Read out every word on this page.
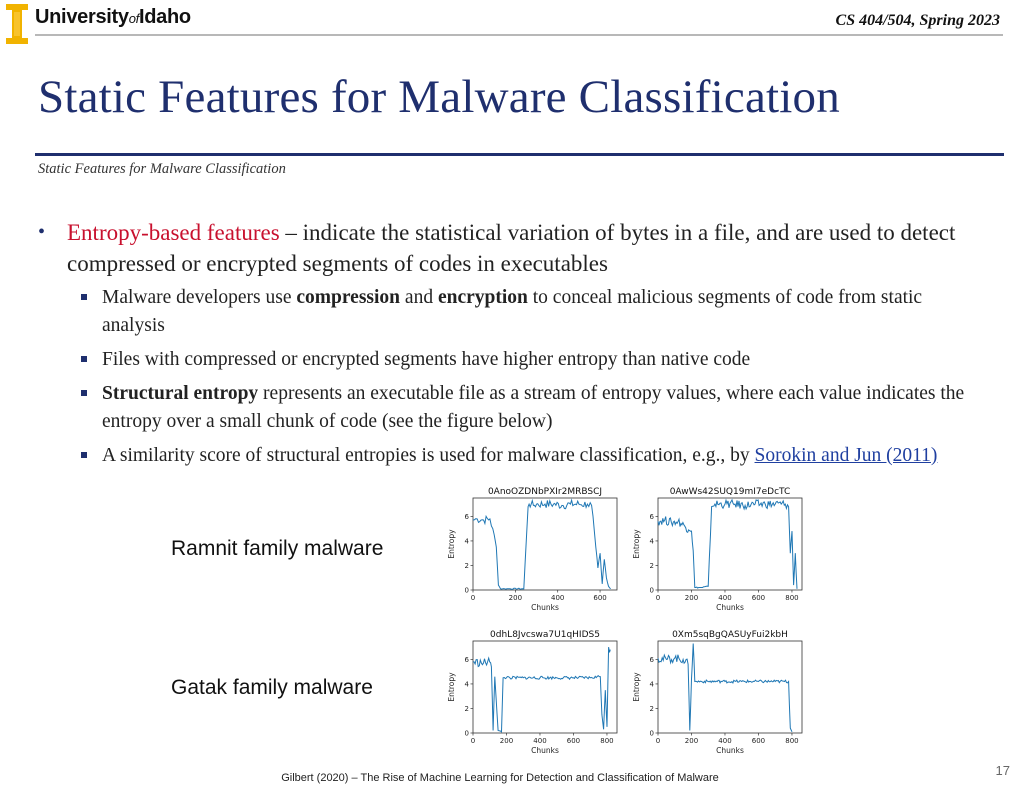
UniversityofIdaho	CS 404/504, Spring 2023
Static Features for Malware Classification
Static Features for Malware Classification
• Entropy-based features – indicate the statistical variation of bytes in a file, and are used to detect compressed or encrypted segments of codes in executables
Malware developers use compression and encryption to conceal malicious segments of code from static analysis
Files with compressed or encrypted segments have higher entropy than native code
Structural entropy represents an executable file as a stream of entropy values, where each value indicates the entropy over a small chunk of code (see the figure below)
A similarity score of structural entropies is used for malware classification, e.g., by Sorokin and Jun (2011)
Ramnit family malware
Gatak family malware
0AnoOZDNbPXIr2MRBSCJ
0	200	400	600
0
2
4
6
Chunks
Entropy
0AwWs42SUQ19mI7eDcTC
0	200	400	600	800
0
2
4
6
Chunks
Entropy
0dhL8Jvcswa7U1qHIDS5
0	200	400	600	800
0
2
4
6
Chunks
Entropy
0Xm5sqBgQASUyFui2kbH
0	200	400	600	800
0
2
4
6
Chunks
Entropy
Gilbert (2020) – The Rise of Machine Learning for Detection and Classification of Malware	17
